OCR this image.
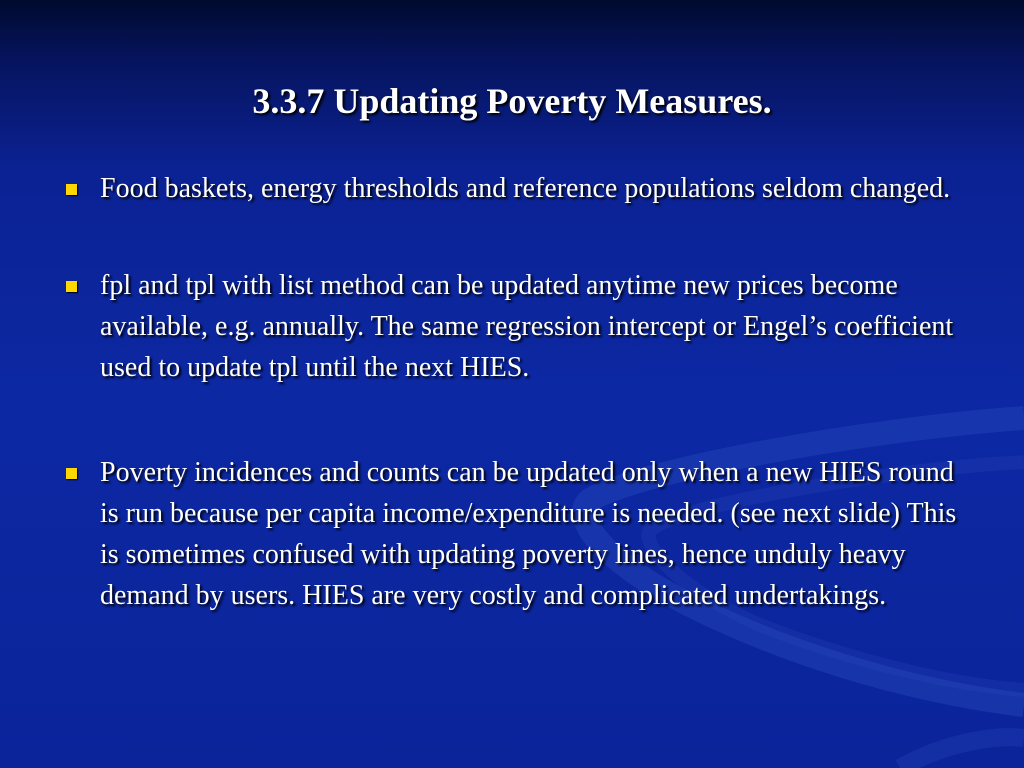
3.3.7 Updating Poverty Measures.
Food baskets, energy thresholds and reference populations seldom changed.
fpl and tpl with list method can be updated anytime new prices become available, e.g. annually. The same regression intercept or Engel’s coefficient used to update tpl until the next HIES.
Poverty incidences and counts can be updated only when a new HIES round is run because per capita income/expenditure is needed. (see next slide) This is sometimes confused with updating poverty lines, hence unduly heavy demand by users. HIES are very costly and complicated undertakings.
